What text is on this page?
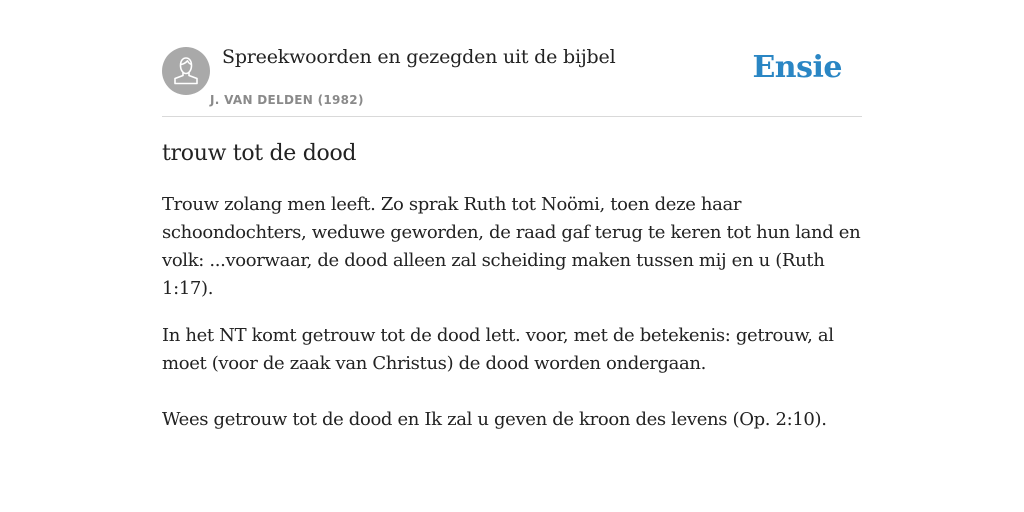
Spreekwoorden en gezegden uit de bijbel
J. VAN DELDEN (1982)
Ensie
trouw tot de dood

Trouw zolang men leeft. Zo sprak Ruth tot Noömi, toen deze haar schoondochters, weduwe geworden, de raad gaf terug te keren tot hun land en volk: ...voorwaar, de dood alleen zal scheiding maken tussen mij en u (Ruth 1:17).

In het NT komt getrouw tot de dood lett. voor, met de betekenis: getrouw, al moet (voor de zaak van Christus) de dood worden ondergaan.

Wees getrouw tot de dood en Ik zal u geven de kroon des levens (Op. 2:10).
